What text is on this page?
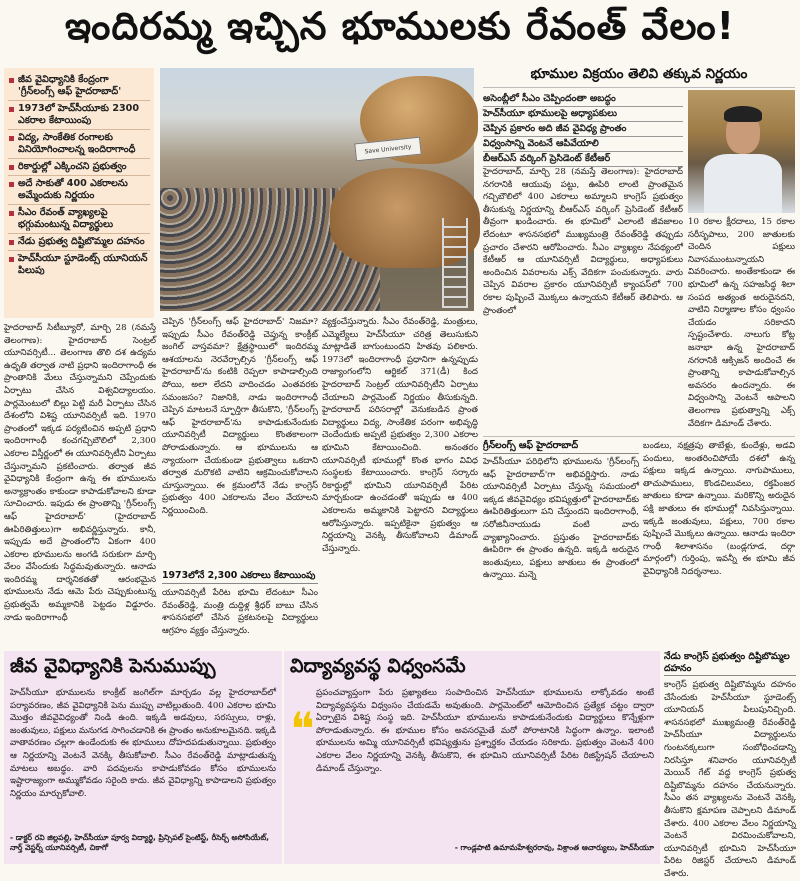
ఇందిరమ్మ ఇచ్చిన భూములకు రేవంత్ వేలం!
జీవ వైవిధ్యానికి కేంద్రంగా 'గ్రీన్‌లంగ్స్ ఆఫ్ హైదరాబాద్'
1973లో హెచ్‌సీయూకు 2300 ఎకరాల కేటాయింపు
విద్య, సాంకేతిక రంగాలకు వినియోగించాలన్న ఇందిరాగాంధీ
రికార్డుల్లో ఎక్కించని ప్రభుత్వం
అదే సాకుతో 400 ఎకరాలను అమ్మేందుకు నిర్ణయం
సీఎం రేవంత్ వ్యాఖ్యలపై భగ్గుమంటున్న విద్యార్థులు
నేడు ప్రభుత్వ దిష్టిబొమ్మల దహనం
హెచ్‌సీయూ స్టూడెంట్స్ యూనియన్ పిలుపు
Save University
హైదరాబాద్ సిటీబ్యూరో, మార్చి 28 (నమస్తే తెలంగాణ): హైదరాబాద్ సెంట్రల్ యూనివర్సిటీ... తెలంగాణ తొలి దశ ఉద్యమ ఉధృతి తర్వాత నాటి ప్రధాని ఇందిరాగాంధీ ఈ ప్రాంతానికి మేలు చేస్తున్నామని చెప్పేందుకు ఏర్పాటు చేసిన విశ్వవిద్యాలయం. పార్లమెంటులో బిల్లు పెట్టి మరీ ఏర్పాటు చేసిన దేశంలోని విశిష్ట యూనివర్సిటీ ఇది. 1970 ప్రాంతంలో ఇక్కడ పర్యటించిన అప్పటి ప్రధాని ఇందిరాగాంధీ కంచగచ్చిబౌలిలో 2,300 ఎకరాల విస్తీర్ణంలో ఈ యూనివర్సిటీని ఏర్పాటు చేస్తున్నామని ప్రకటించారు. తర్వాత జీవ వైవిధ్యానికి కేంద్రంగా ఉన్న ఈ భూములను అన్యాక్రాంతం కాకుండా కాపాడుకోవాలని కూడా సూచించారు. ఇపుడు ఈ ప్రాంతాన్ని 'గ్రీన్‌లంగ్స్ ఆఫ్ హైదరాబాద్' (హైదరాబాద్ ఊపిరితిత్తులు)గా అభివర్ణిస్తున్నారు. కానీ, ఇప్పుడు అదే ప్రాంతంలోని ఏకంగా 400 ఎకరాల భూములను అంగడి సరుకుగా మార్చి వేలం వేసేందుకు సిద్ధమవుతున్నారు. ఆనాడు ఇందిరమ్మ దార్శనికతతో ఆరంభమైన భూములను నేడు ఆమె పేరు చెప్పుకుంటున్న ప్రభుత్వమే అమ్మకానికి పెట్టడం విడ్డూరం. నాడు ఇందిరాగాంధీ
చెప్పిన 'గ్రీన్‌లంగ్స్ ఆఫ్ హైదరాబాద్' నిజమా? ఇప్పుడు సీఎం రేవంత్‌రెడ్డి చెప్తున్న కాంక్రీట్ జంగిల్ వాస్తవమా? క్షేత్రస్థాయిలో ఇందిరమ్మ ఆశయాలను నెరవేర్చాల్సిన 'గ్రీన్‌లంగ్స్ ఆఫ్ హైదరాబాద్'ను కంటికి రెప్పలా కాపాడాల్సింది పోయి, అలా లేదని వాదించడం ఎంతవరకు సమంజసం? నిజానికి, నాడు ఇందిరాగాంధీ చెప్పిన మాటలనే స్ఫూర్తిగా తీసుకొని, 'గ్రీన్‌లంగ్స్ ఆఫ్ హైదరాబాద్'ను కాపాడుకునేందుకు యూనివర్సిటీ విద్యార్థులు కొంతకాలంగా పోరాడుతున్నారు. ఆ భూములను ఆ న్యాయంగా చేయకుండా ప్రభుత్వాలు ఒకదాని తర్వాత మరొకటి వాటిని ఆక్రమించుకోవాలని చూస్తున్నాయి. ఈ క్రమంలోనే నేడు కాంగ్రెస్ ప్రభుత్వం 400 ఎకరాలను వేలం వేయాలని నిర్ణయించింది.
1973లోనే 2,300 ఎకరాలు కేటాయింపు
యూనివర్సిటీ పేరిట భూమి లేదంటూ సీఎం రేవంత్‌రెడ్డి, మంత్రి దుద్దిళ్ల శ్రీధర్ బాబు చేసిన శాసనసభలో చేసిన ప్రకటనలపై విద్యార్థులు ఆగ్రహం వ్యక్తం చేస్తున్నారు.
వ్యక్తంచేస్తున్నారు. సీఎం రేవంత్‌రెడ్డి, మంత్రులు, ఎమ్మెల్యేలు హెచ్‌సీయూ చరిత్ర తెలుసుకుని మాట్లాడితే బాగుంటుందని హితవు పలికారు. 1973లో ఇందిరాగాంధీ ప్రధానిగా ఉన్నప్పుడు రాజ్యాంగంలోని ఆర్టికల్ 371(డీ) కింద హైదరాబాద్ సెంట్రల్ యూనివర్సిటీని ఏర్పాటు చేయాలని పార్లమెంట్ నిర్ణయం తీసుకున్నది. హైదరాబాద్ పరిసరాల్లో వెనుకబడిన ప్రాంత విద్యార్థులు విద్య, సాంకేతిక పరంగా అభివృద్ధి చెందేందుకు అప్పటి ప్రభుత్వం 2,300 ఎకరాల భూమిని కేటాయించింది. అనంతరం యూనివర్సిటీ భూముల్లో కొంత భాగం వివిధ సంస్థలకు కేటాయించారు. కాంగ్రెస్ సర్కారు రికార్డుల్లో భూమిని యూనివర్సిటీ పేరిట మార్చకుండా ఉంచడంతో ఇప్పుడు ఆ 400 ఎకరాలను అమ్మకానికి పెట్టారని విద్యార్థులు ఆరోపిస్తున్నారు. ఇప్పటికైనా ప్రభుత్వం ఆ నిర్ణయాన్ని వెనక్కి తీసుకోవాలని డిమాండ్ చేస్తున్నారు.
భూముల విక్రయం తెలివి తక్కువ నిర్ణయం
అసెంబ్లీలో సీఎం చెప్పిందంతా అబద్ధం
హెచ్‌సీయూ భూములపై అధ్యాపకులు
చెప్పిన ప్రకారం అది జీవ వైవిధ్య ప్రాంతం
విధ్వంసాన్ని వెంటనే ఆపివేయాలి
బీఆర్ఎస్ వర్కింగ్ ప్రెసిడెంట్ కేటీఆర్
హైదరాబాద్, మార్చి 28 (నమస్తే తెలంగాణ): హైదరాబాద్ నగరానికి ఆయువు పట్టు, ఊపిరి లాంటి ప్రాంతమైన గచ్చిబౌలిలో 400 ఎకరాలు అమ్మాలని కాంగ్రెస్ ప్రభుత్వం తీసుకున్న నిర్ణయాన్ని బీఆర్ఎస్ వర్కింగ్ ప్రెసిడెంట్ కేటీఆర్ తీవ్రంగా ఖండించారు. ఈ భూమిలో ఎలాంటి జీవజాలం లేదంటూ శాసనసభలో ముఖ్యమంత్రి రేవంత్‌రెడ్డి తప్పుడు ప్రచారం చేశారని ఆరోపించారు. సీఎం వ్యాఖ్యల నేపథ్యంలో కేటీఆర్ ఆ యూనివర్సిటీ విద్యార్థులు, అధ్యాపకులు అందించిన వివరాలను ఎక్స్ వేదికగా పంచుకున్నారు. వారు చెప్పిన వివరాల ప్రకారం యూనివర్సిటీ క్యాంపస్‌లో 700 రకాల పుష్పించే మొక్కలు ఉన్నాయని కేటీఆర్ తెలిపారు. ఆ ప్రాంతంలో
10 రకాల క్షీరదాలు, 15 రకాల సరీసృపాలు, 200 జాతులకు చెందిన పక్షులు నివాసముంటున్నాయని వివరించారు. అంతేకాకుండా ఈ భూమిలో ఉన్న సహజసిద్ధ శిలా సంపద అత్యంత అరుదైనదని, వాటిని నిర్మాణాల కోసం ధ్వంసం చేయడం సరికాదని స్పష్టంచేశారు. నాలుగు కోట్ల జనాభా ఉన్న హైదరాబాద్ నగరానికి ఆక్సిజన్ అందించే ఈ ప్రాంతాన్ని కాపాడుకోవాల్సిన అవసరం ఉందన్నారు. ఈ విధ్వంసాన్ని వెంటనే ఆపాలని తెలంగాణ ప్రభుత్వాన్ని ఎక్స్ వేదికగా డిమాండ్ చేశారు.
గ్రీన్‌లంగ్స్ ఆఫ్ హైదరాబాద్
హెచ్‌సీయూ పరిధిలోని భూములను 'గ్రీన్‌లంగ్స్ ఆఫ్ హైదరాబాద్'గా అభివర్ణిస్తారు. నాడు యూనివర్సిటీ ఏర్పాటు చేస్తున్న సమయంలో ఇక్కడ జీవవైవిధ్యం భవిష్యత్తులో హైదరాబాద్‌కు ఊపిరితిత్తులుగా పని చేస్తుందని ఇందిరాగాంధీ, సరోజినీనాయుడు వంటి వారు వ్యాఖ్యానించారు. ప్రస్తుతం హైదరాబాద్‌కు ఊపిరిగా ఈ ప్రాంతం ఉన్నది. ఇక్కడి అరుదైన జంతువులు, పక్షులు జాతులు ఈ ప్రాంతంలో ఉన్నాయి. మన్నె
బండలు, నక్షత్రపు తాబేళ్లు, కుందేళ్లు, అడవి పందులు, అంతరించిపోయే దశలో ఉన్న పక్షులు ఇక్కడ ఉన్నాయి. నాగుపాములు, తాచుపాములు, కొండచిలువలు, రక్తపింజర జాతులు కూడా ఉన్నాయి. మరికొన్ని అరుదైన పక్షి జాతులు ఈ భూముల్లో నివసిస్తున్నాయి. ఇక్కడి జంతువులు, పక్షులు, 700 రకాల పుష్పించే మొక్కలు ఉన్నాయి. ఆనాడు ఇందిరా గాంధీ శిలాశాసనం (బండ్లగూడ, దర్గా మార్గంలో) గుర్తింపు, ఇవన్నీ ఈ భూమి జీవ వైవిధ్యానికి నిదర్శనాలు.
జీవ వైవిధ్యానికి పెనుముప్పు
హెచ్‌సీయూ భూములను కాంక్రీట్ జంగిల్‌గా మార్చడం వల్ల హైదరాబాద్‌లో పర్యావరణం, జీవ వైవిధ్యానికి పెను ముప్పు వాటిల్లుతుంది. 400 ఎకరాల భూమి మొత్తం జీవవైవిధ్యంతో నిండి ఉంది. ఇక్కడి అడవులు, సరస్సులు, రాళ్లు, జంతువులు, పక్షులు మనుగడ సాగించడానికి ఈ ప్రాంతం అనుకూలమైనది. ఇక్కడి వాతావరణం చల్లగా ఉండేందుకు ఈ భూములు దోహదపడుతున్నాయి. ప్రభుత్వం ఆ నిర్ణయాన్ని వెంటనే వెనక్కి తీసుకోవాలి. సీఎం రేవంత్‌రెడ్డి మాట్లాడుతున్న మాటలు అబద్ధం. వారి పదవులను కాపాడుకోవడం కోసం భూములను ఇష్టారాజ్యంగా అమ్ముకోవడం సరైంది కాదు. జీవ వైవిధ్యాన్ని కాపాడాలని ప్రభుత్వం నిర్ణయం మార్చుకోవాలి.
- డాక్టర్ రవి జిల్లపల్లి, హెచ్‌సీయూ పూర్వ విద్యార్థి, ప్రిన్సిపల్ సైంటిస్ట్, రీసెర్చ్ అసోసియేట్, నార్త్ వెస్టర్న్ యూనివర్సిటీ, చికాగో
విద్యావ్యవస్థ విధ్వంసమే
❝
ప్రపంచవ్యాప్తంగా పేరు ప్రఖ్యాతలు సంపాదించిన హెచ్‌సీయూ భూములను లాక్కోవడం అంటే విద్యావ్యవస్థను విధ్వంసం చేయడమే అవుతుంది. పార్లమెంట్‌లో ఆమోదించిన ప్రత్యేక చట్టం ద్వారా ఏర్పాటైన విశిష్ట సంస్థ ఇది. హెచ్‌సీయూ భూములను కాపాడుకునేందుకు విద్యార్థులు కొన్నేళ్లుగా పోరాడుతున్నారు. ఈ భూముల కోసం అవసరమైతే మరో పోరాటానికి సిద్ధంగా ఉన్నాం. ఇలాంటి భూములను అమ్మి యూనివర్సిటీ భవిష్యత్తును ప్రశ్నార్థకం చేయడం సరికాదు. ప్రభుత్వం వెంటనే 400 ఎకరాల వేలం నిర్ణయాన్ని వెనక్కి తీసుకొని, ఈ భూమిని యూనివర్సిటీ పేరిట రిజిస్ట్రేషన్ చేయాలని డిమాండ్ చేస్తున్నాం.
- గాండ్లపాటి ఉమామహేశ్వరరావు, విశ్రాంత ఆచార్యులు, హెచ్‌సీయూ
నేడు కాంగ్రెస్ ప్రభుత్వం దిష్టిబొమ్మల దహనం
కాంగ్రెస్ ప్రభుత్వ దిష్టిబొమ్మను దహనం చేసేందుకు హెచ్‌సీయూ స్టూడెంట్స్ యూనియన్ పిలుపునిచ్చింది. శాసనసభలో ముఖ్యమంత్రి రేవంత్‌రెడ్డి హెచ్‌సీయూ విద్యార్థులను గుంటనక్కలుగా సంబోధించడాన్ని నిరసిస్తూ శనివారం యూనివర్సిటీ మెయిన్ గేట్ వద్ద కాంగ్రెస్ ప్రభుత్వ దిష్టిబొమ్మను దహనం చేయనున్నారు. సీఎం తన వ్యాఖ్యలను వెంటనే వెనక్కి తీసుకొని క్షమాపణ చెప్పాలని డిమాండ్ చేశారు. 400 ఎకరాల వేలం నిర్ణయాన్ని వెంటనే విరమించుకోవాలని, యూనివర్సిటీ భూమిని హెచ్‌సీయూ పేరిట రిజిస్టర్ చేయాలని డిమాండ్ చేశారు.
